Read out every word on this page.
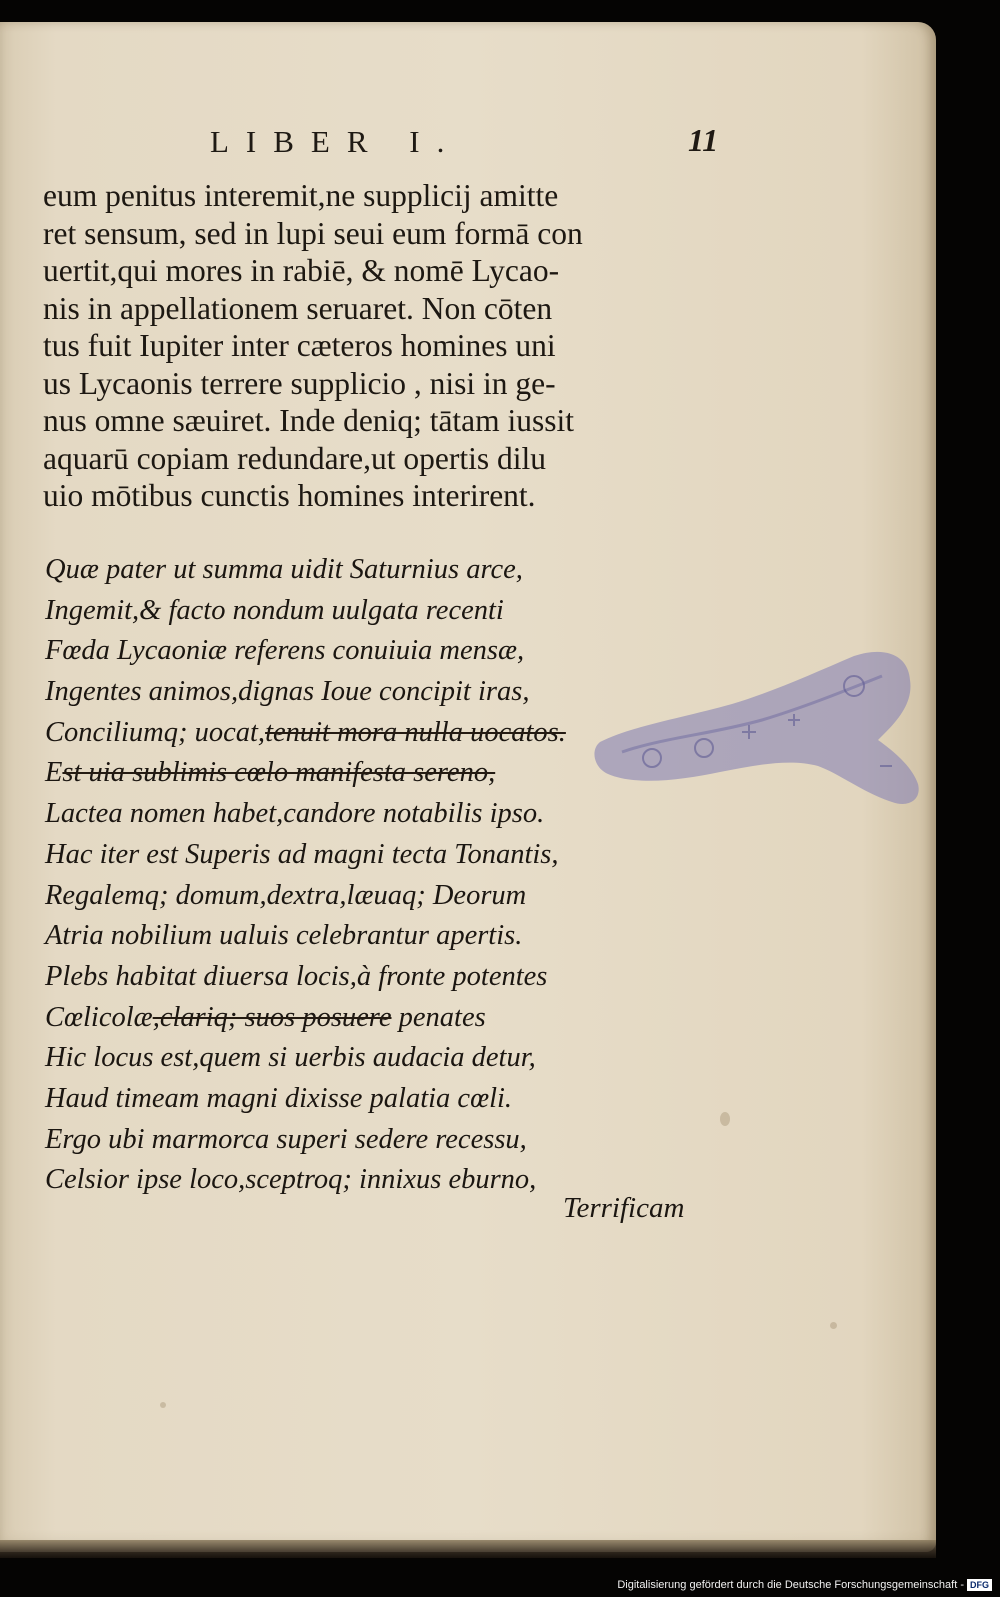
LIBER I.	11
eum penitus interemit,ne supplicij amitte
ret sensum, sed in lupi seui eum formā con
uertit,qui mores in rabiē, & nomē Lycao-
nis in appellationem seruaret. Non cōten
tus fuit Iupiter inter cæteros homines uni
us Lycaonis terrere supplicio , nisi in ge-
nus omne sæuiret. Inde deniq; tātam iussit
aquarū copiam redundare,ut opertis dilu
uio mōtibus cunctis homines interirent.
Quæ pater ut summa uidit Saturnius arce,
Ingemit,& facto nondum uulgata recenti
Fœda Lycaoniæ referens conuiuia mensæ,
Ingentes animos,dignas Ioue concipit iras,
Conciliumq; uocat,tenuit mora nulla uocatos.
Est uia sublimis cœlo manifesta sereno,
Lactea nomen habet,candore notabilis ipso.
Hac iter est Superis ad magni tecta Tonantis,
Regalemq; domum,dextra,læuaq; Deorum
Atria nobilium ualuis celebrantur apertis.
Plebs habitat diuersa locis,à fronte potentes
Cœlicolæ,clariq; suos posuere penates
Hic locus est,quem si uerbis audacia detur,
Haud timeam magni dixisse palatia cœli.
Ergo ubi marmorca superi sedere recessu,
Celsior ipse loco,sceptroq; innixus eburno,
Terrificam
Digitalisierung gefördert durch die Deutsche Forschungsgemeinschaft - DFG
